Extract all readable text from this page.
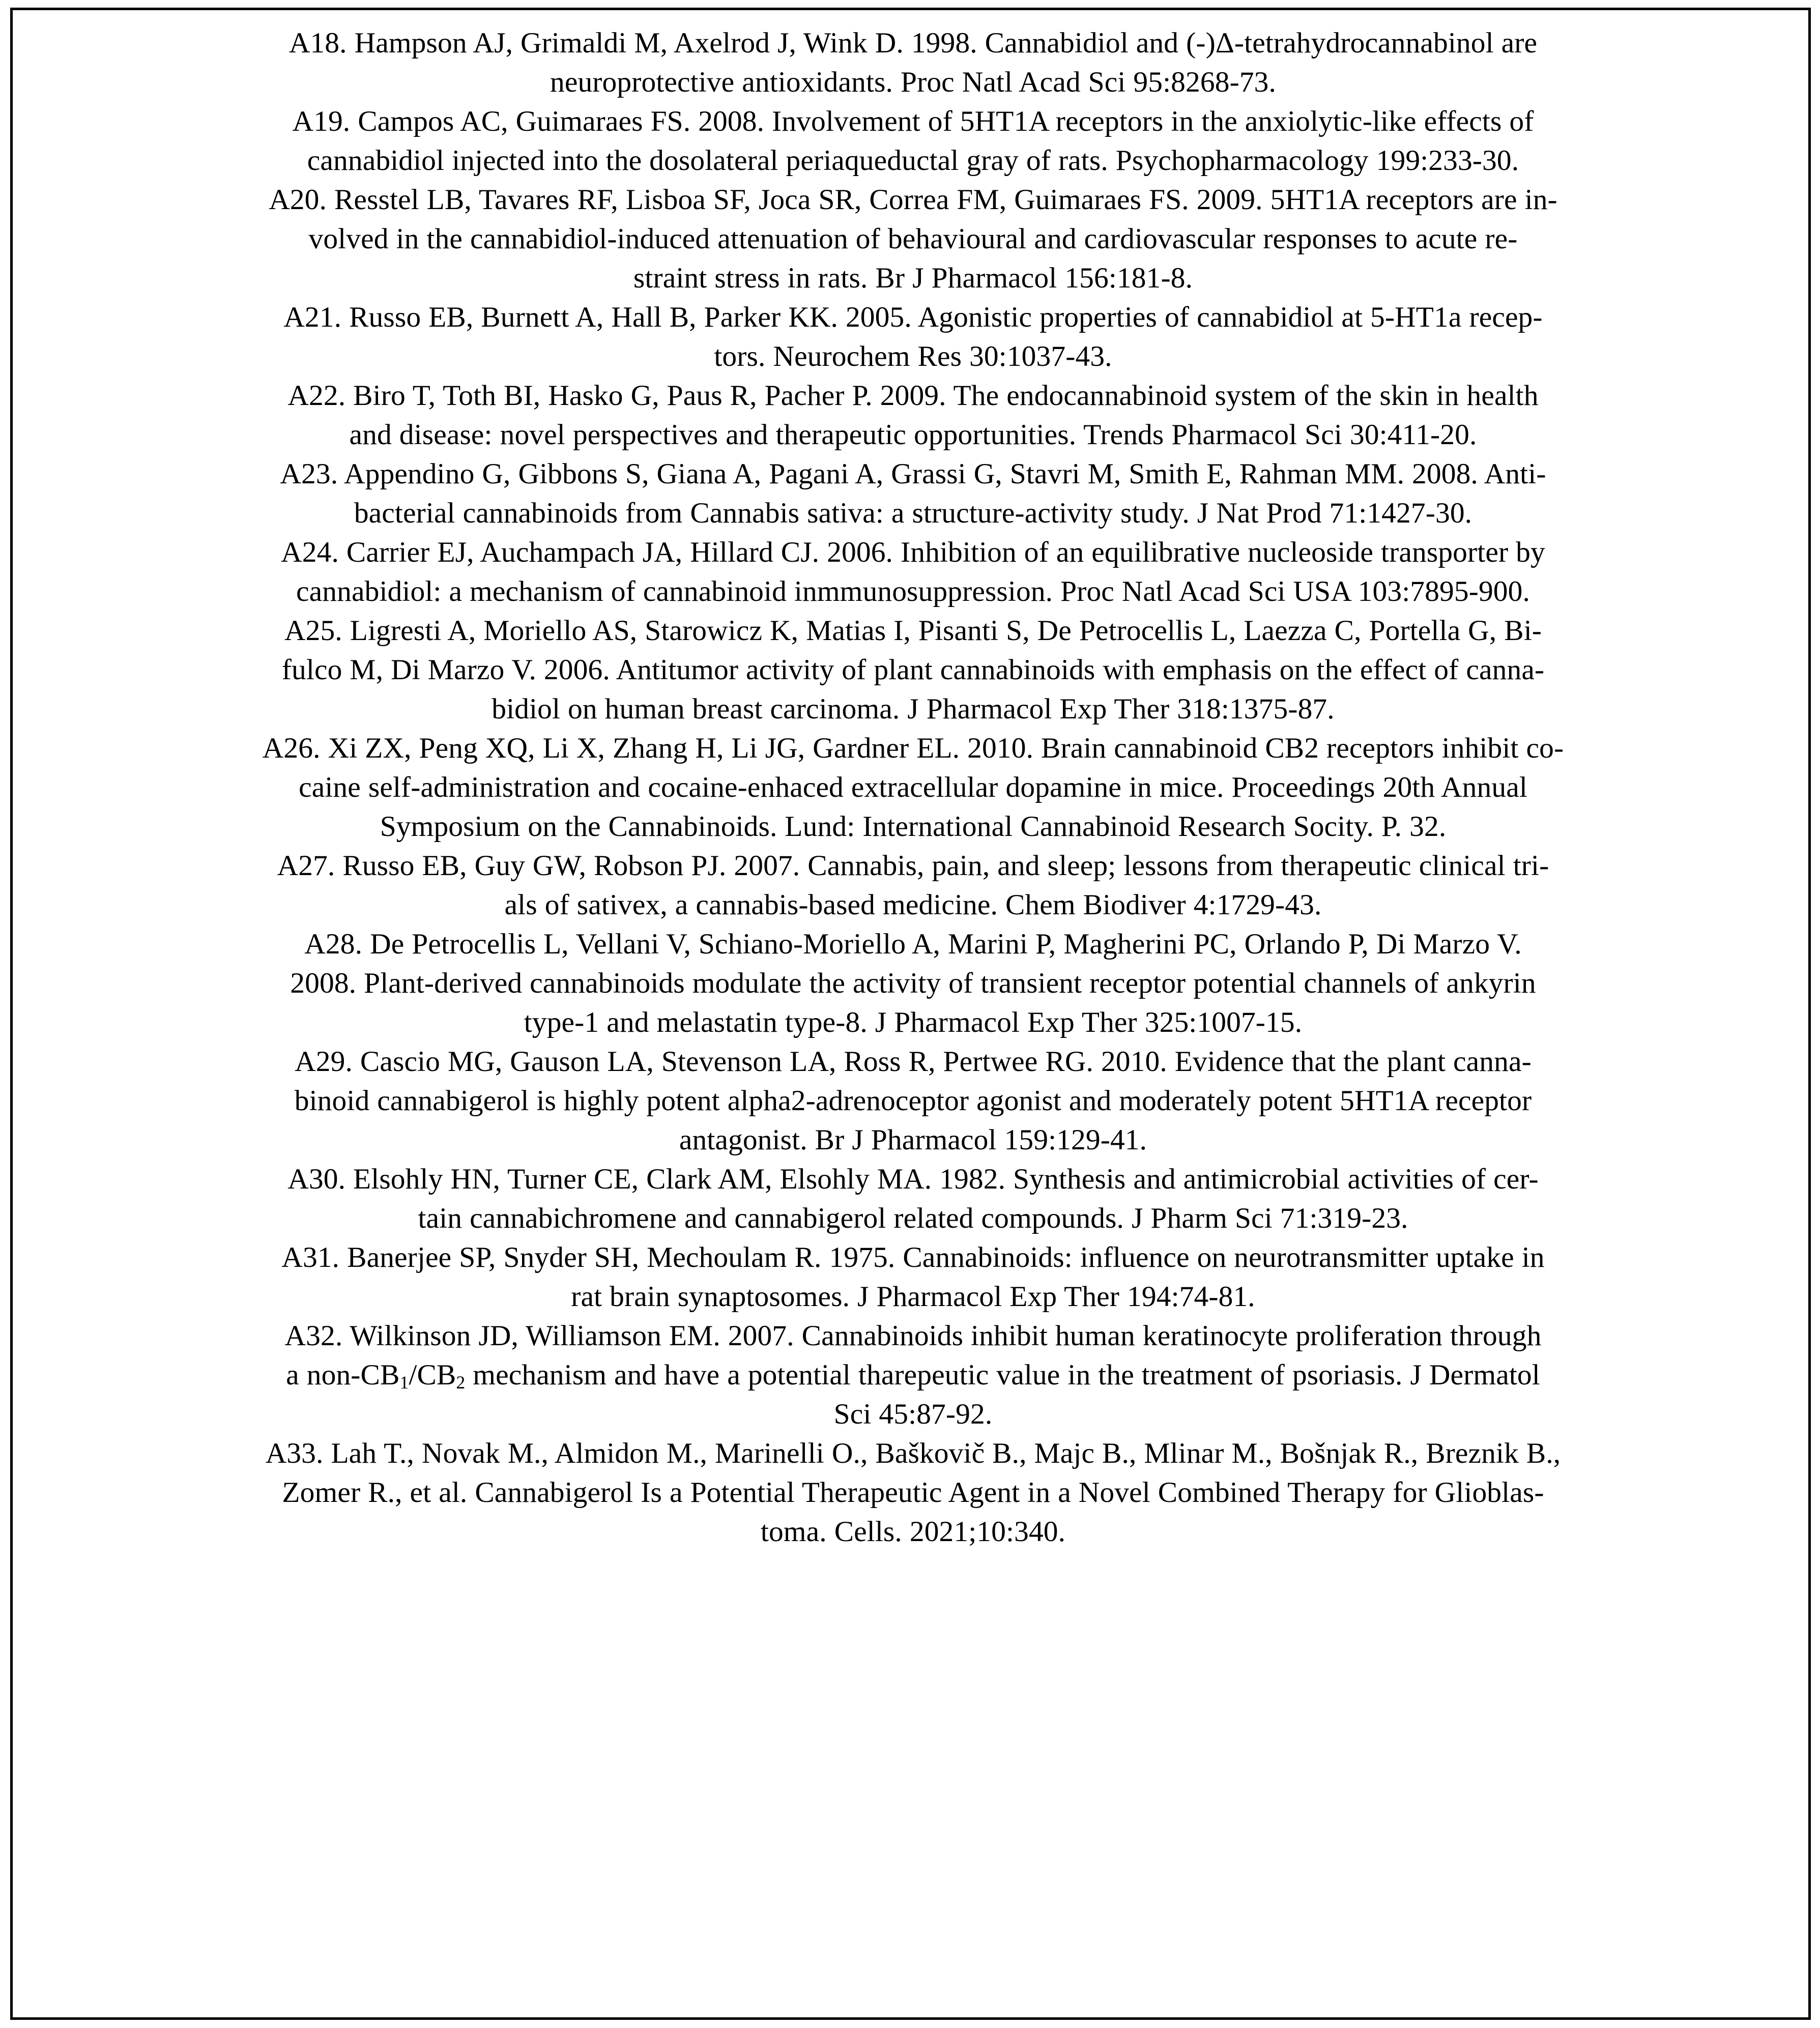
A18. Hampson AJ, Grimaldi M, Axelrod J, Wink D. 1998. Cannabidiol and (-)Δ-tetrahydrocannabinol are
neuroprotective antioxidants. Proc Natl Acad Sci 95:8268-73.
A19. Campos AC, Guimaraes FS. 2008. Involvement of 5HT1A receptors in the anxiolytic-like effects of
cannabidiol injected into the dosolateral periaqueductal gray of rats. Psychopharmacology 199:233-30.
A20. Resstel LB, Tavares RF, Lisboa SF, Joca SR, Correa FM, Guimaraes FS. 2009. 5HT1A receptors are in-
volved in the cannabidiol-induced attenuation of behavioural and cardiovascular responses to acute re-
straint stress in rats. Br J Pharmacol 156:181-8.
A21. Russo EB, Burnett A, Hall B, Parker KK. 2005. Agonistic properties of cannabidiol at 5-HT1a recep-
tors. Neurochem Res 30:1037-43.
A22. Biro T, Toth BI, Hasko G, Paus R, Pacher P. 2009. The endocannabinoid system of the skin in health
and disease: novel perspectives and therapeutic opportunities. Trends Pharmacol Sci 30:411-20.
A23. Appendino G, Gibbons S, Giana A, Pagani A, Grassi G, Stavri M, Smith E, Rahman MM. 2008. Anti-
bacterial cannabinoids from Cannabis sativa: a structure-activity study. J Nat Prod 71:1427-30.
A24. Carrier EJ, Auchampach JA, Hillard CJ. 2006. Inhibition of an equilibrative nucleoside transporter by
cannabidiol: a mechanism of cannabinoid inmmunosuppression. Proc Natl Acad Sci USA 103:7895-900.
A25. Ligresti A, Moriello AS, Starowicz K, Matias I, Pisanti S, De Petrocellis L, Laezza C, Portella G, Bi-
fulco M, Di Marzo V. 2006. Antitumor activity of plant cannabinoids with emphasis on the effect of canna-
bidiol on human breast carcinoma. J Pharmacol Exp Ther 318:1375-87.
A26. Xi ZX, Peng XQ, Li X, Zhang H, Li JG, Gardner EL. 2010. Brain cannabinoid CB2 receptors inhibit co-
caine self-administration and cocaine-enhaced extracellular dopamine in mice. Proceedings 20th Annual
Symposium on the Cannabinoids. Lund: International Cannabinoid Research Socity. P. 32.
A27. Russo EB, Guy GW, Robson PJ. 2007. Cannabis, pain, and sleep; lessons from therapeutic clinical tri-
als of sativex, a cannabis-based medicine. Chem Biodiver 4:1729-43.
A28. De Petrocellis L, Vellani V, Schiano-Moriello A, Marini P, Magherini PC, Orlando P, Di Marzo V.
2008. Plant-derived cannabinoids modulate the activity of transient receptor potential channels of ankyrin
type-1 and melastatin type-8. J Pharmacol Exp Ther 325:1007-15.
A29. Cascio MG, Gauson LA, Stevenson LA, Ross R, Pertwee RG. 2010. Evidence that the plant canna-
binoid cannabigerol is highly potent alpha2-adrenoceptor agonist and moderately potent 5HT1A receptor
antagonist. Br J Pharmacol 159:129-41.
A30. Elsohly HN, Turner CE, Clark AM, Elsohly MA. 1982. Synthesis and antimicrobial activities of cer-
tain cannabichromene and cannabigerol related compounds. J Pharm Sci 71:319-23.
A31. Banerjee SP, Snyder SH, Mechoulam R. 1975. Cannabinoids: influence on neurotransmitter uptake in
rat brain synaptosomes. J Pharmacol Exp Ther 194:74-81.
A32. Wilkinson JD, Williamson EM. 2007. Cannabinoids inhibit human keratinocyte proliferation through
a non-$CB_1/CB_2$ mechanism and have a potential tharepeutic value in the treatment of psoriasis. J Dermatol
Sci 45:87-92.
A33. Lah T., Novak M., Almidon M., Marinelli O., Baškovič B., Majc B., Mlinar M., Bošnjak R., Breznik B.,
Zomer R., et al. Cannabigerol Is a Potential Therapeutic Agent in a Novel Combined Therapy for Glioblas-
toma. Cells. 2021;10:340.
